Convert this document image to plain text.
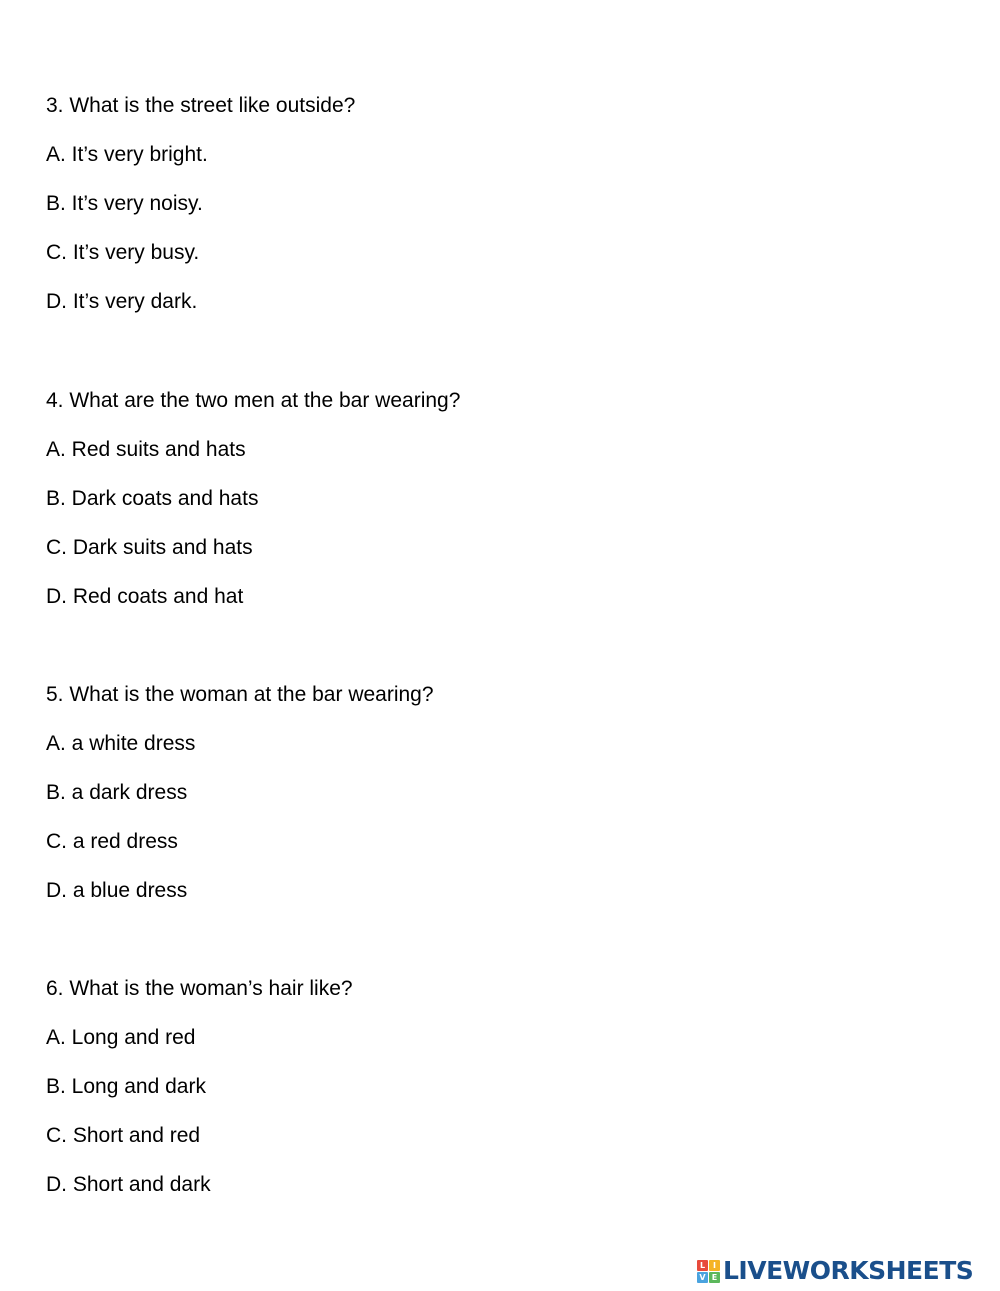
3. What is the street like outside?
A. It’s very bright.
B. It’s very noisy.
C. It’s very busy.
D. It’s very dark.
4. What are the two men at the bar wearing?
A. Red suits and hats
B. Dark coats and hats
C. Dark suits and hats
D. Red coats and hat
5. What is the woman at the bar wearing?
A. a white dress
B. a dark dress
C. a red dress
D. a blue dress
6. What is the woman’s hair like?
A. Long and red
B. Long and dark
C. Short and red
D. Short and dark
L I
V E LIVEWORKSHEETS
